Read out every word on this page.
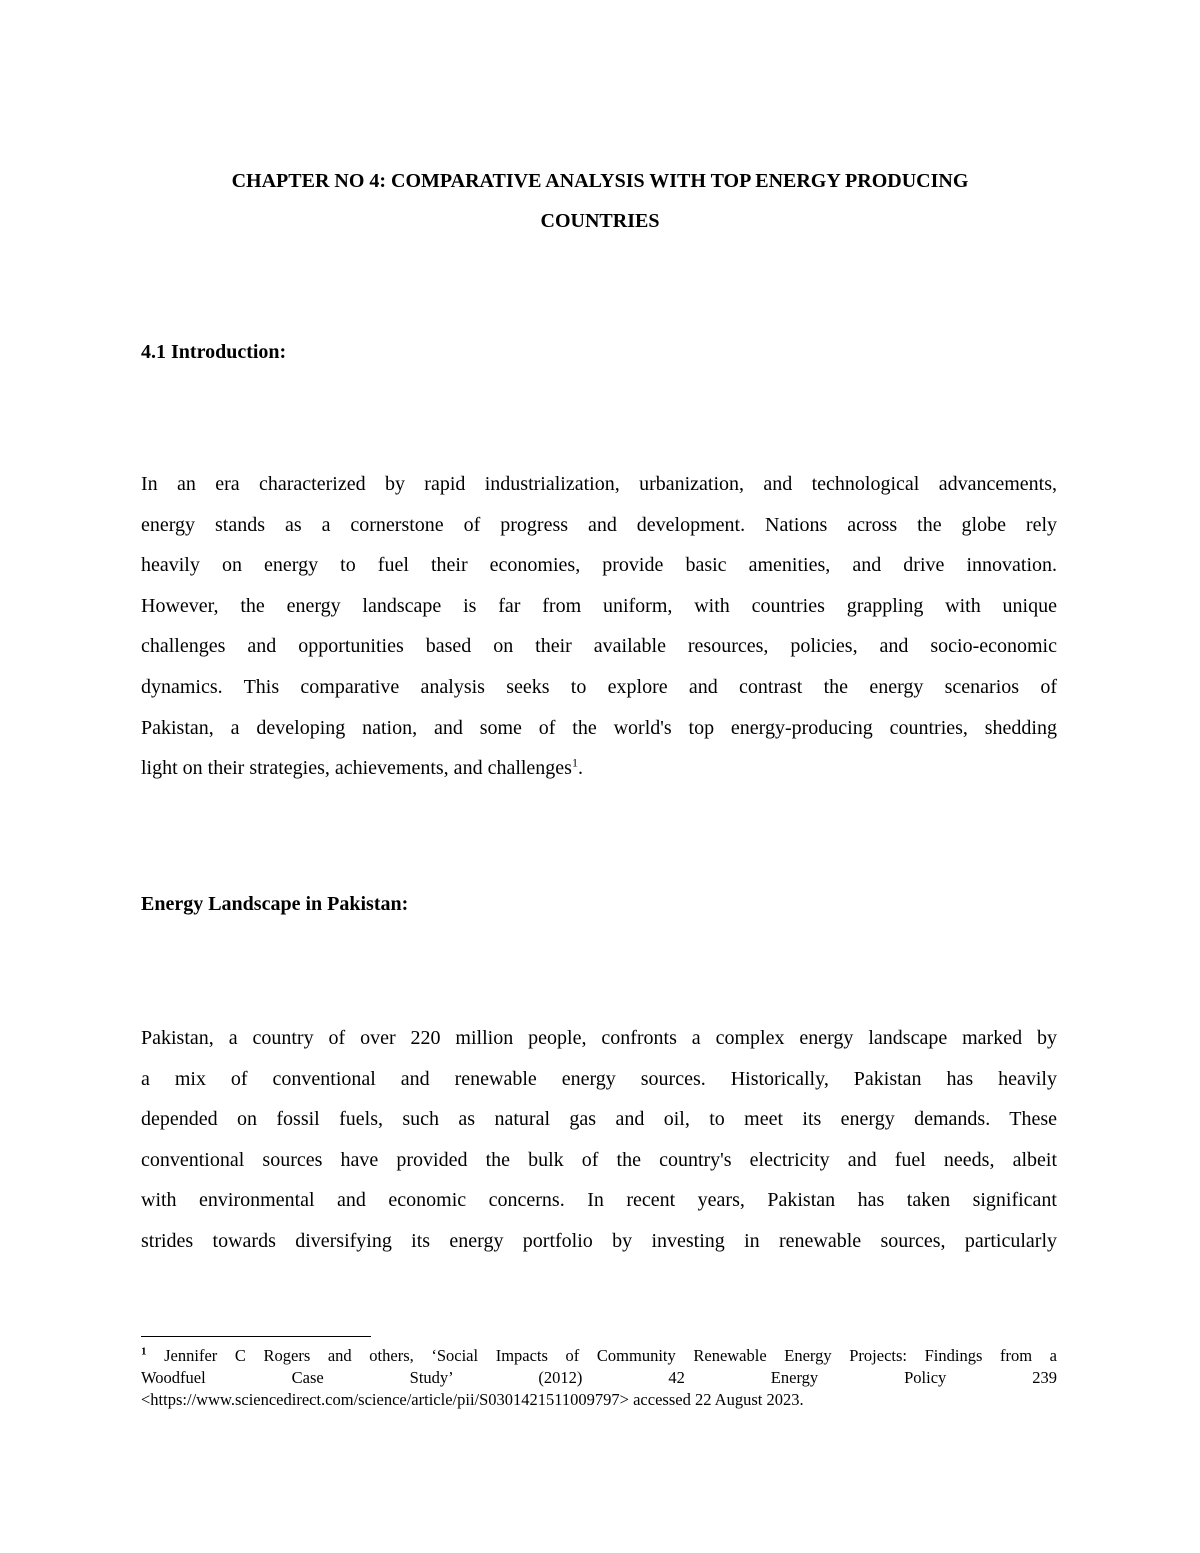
CHAPTER NO 4: COMPARATIVE ANALYSIS WITH TOP ENERGY PRODUCING

COUNTRIES

4.1 Introduction:

In an era characterized by rapid industrialization, urbanization, and technological advancements,
energy stands as a cornerstone of progress and development. Nations across the globe rely
heavily on energy to fuel their economies, provide basic amenities, and drive innovation.
However, the energy landscape is far from uniform, with countries grappling with unique
challenges and opportunities based on their available resources, policies, and socio-economic
dynamics. This comparative analysis seeks to explore and contrast the energy scenarios of
Pakistan, a developing nation, and some of the world's top energy-producing countries, shedding
light on their strategies, achievements, and challenges$^1$.

Energy Landscape in Pakistan:

Pakistan, a country of over 220 million people, confronts a complex energy landscape marked by
a mix of conventional and renewable energy sources. Historically, Pakistan has heavily
depended on fossil fuels, such as natural gas and oil, to meet its energy demands. These
conventional sources have provided the bulk of the country's electricity and fuel needs, albeit
with environmental and economic concerns. In recent years, Pakistan has taken significant
strides towards diversifying its energy portfolio by investing in renewable sources, particularly
$^1$ Jennifer C Rogers and others, ‘Social Impacts of Community Renewable Energy Projects: Findings from a
Woodfuel Case Study’ (2012) 42 Energy Policy 239
<https://www.sciencedirect.com/science/article/pii/S0301421511009797> accessed 22 August 2023.
